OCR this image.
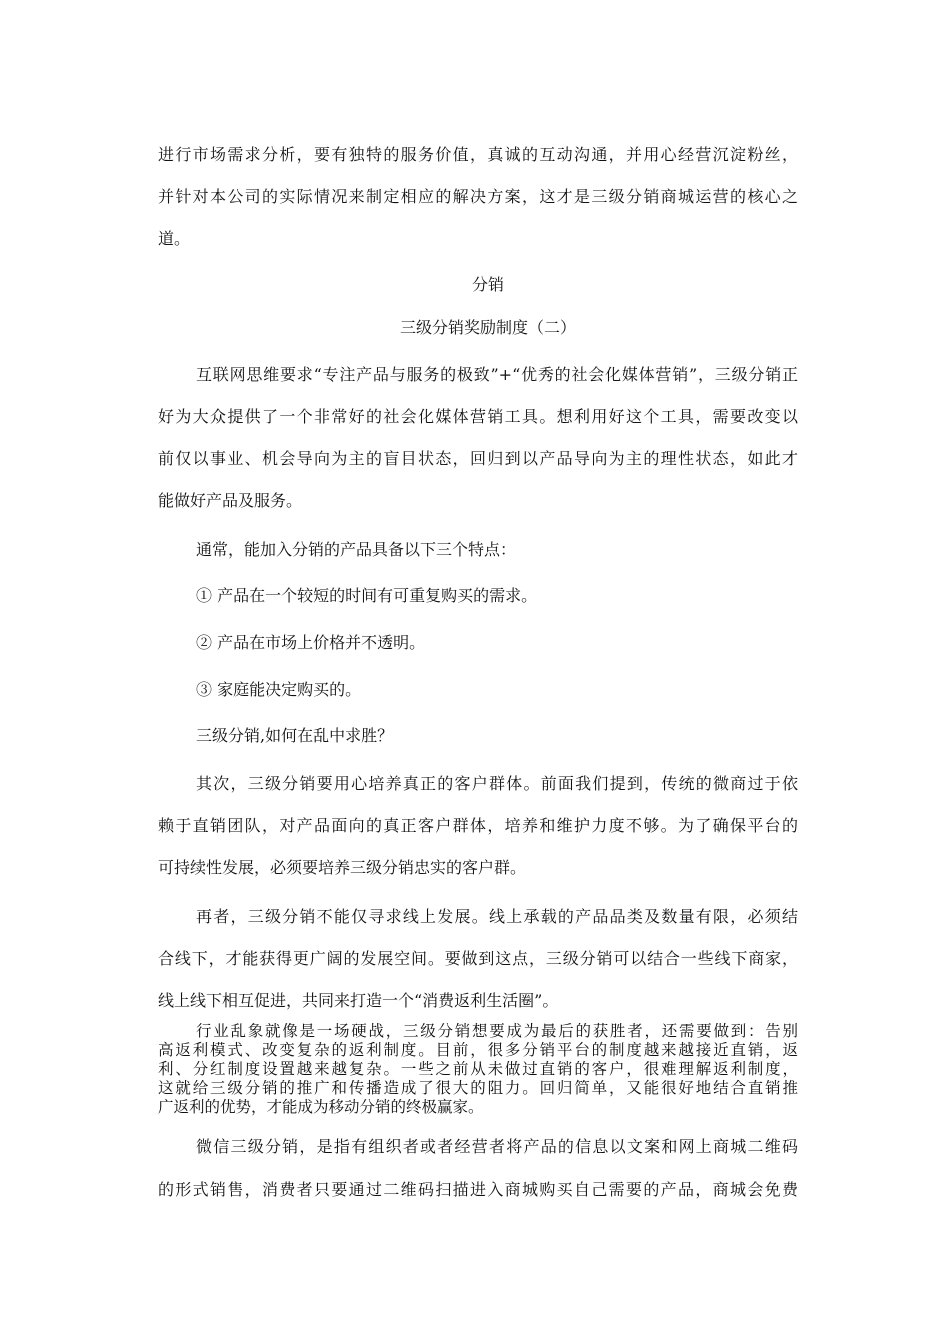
进行市场需求分析，要有独特的服务价值，真诚的互动沟通，并用心经营沉淀粉丝，
并针对本公司的实际情况来制定相应的解决方案，这才是三级分销商城运营的核心之
道。
分销
三级分销奖励制度（二）
互联网思维要求“专注产品与服务的极致”+“优秀的社会化媒体营销”，三级分销正
好为大众提供了一个非常好的社会化媒体营销工具。想利用好这个工具，需要改变以
前仅以事业、机会导向为主的盲目状态，回归到以产品导向为主的理性状态，如此才
能做好产品及服务。
通常，能加入分销的产品具备以下三个特点：
① 产品在一个较短的时间有可重复购买的需求。
② 产品在市场上价格并不透明。
③ 家庭能决定购买的。
三级分销,如何在乱中求胜？
其次，三级分销要用心培养真正的客户群体。前面我们提到，传统的微商过于依
赖于直销团队，对产品面向的真正客户群体，培养和维护力度不够。为了确保平台的
可持续性发展，必须要培养三级分销忠实的客户群。
再者，三级分销不能仅寻求线上发展。线上承载的产品品类及数量有限，必须结
合线下，才能获得更广阔的发展空间。要做到这点，三级分销可以结合一些线下商家，
线上线下相互促进，共同来打造一个“消费返利生活圈”。
行业乱象就像是一场硬战，三级分销想要成为最后的获胜者，还需要做到：告别
高返利模式、改变复杂的返利制度。目前，很多分销平台的制度越来越接近直销，返
利、分红制度设置越来越复杂。一些之前从未做过直销的客户，很难理解返利制度，
这就给三级分销的推广和传播造成了很大的阻力。回归简单，又能很好地结合直销推
广返利的优势，才能成为移动分销的终极赢家。
微信三级分销，是指有组织者或者经营者将产品的信息以文案和网上商城二维码
的形式销售，消费者只要通过二维码扫描进入商城购买自己需要的产品，商城会免费
